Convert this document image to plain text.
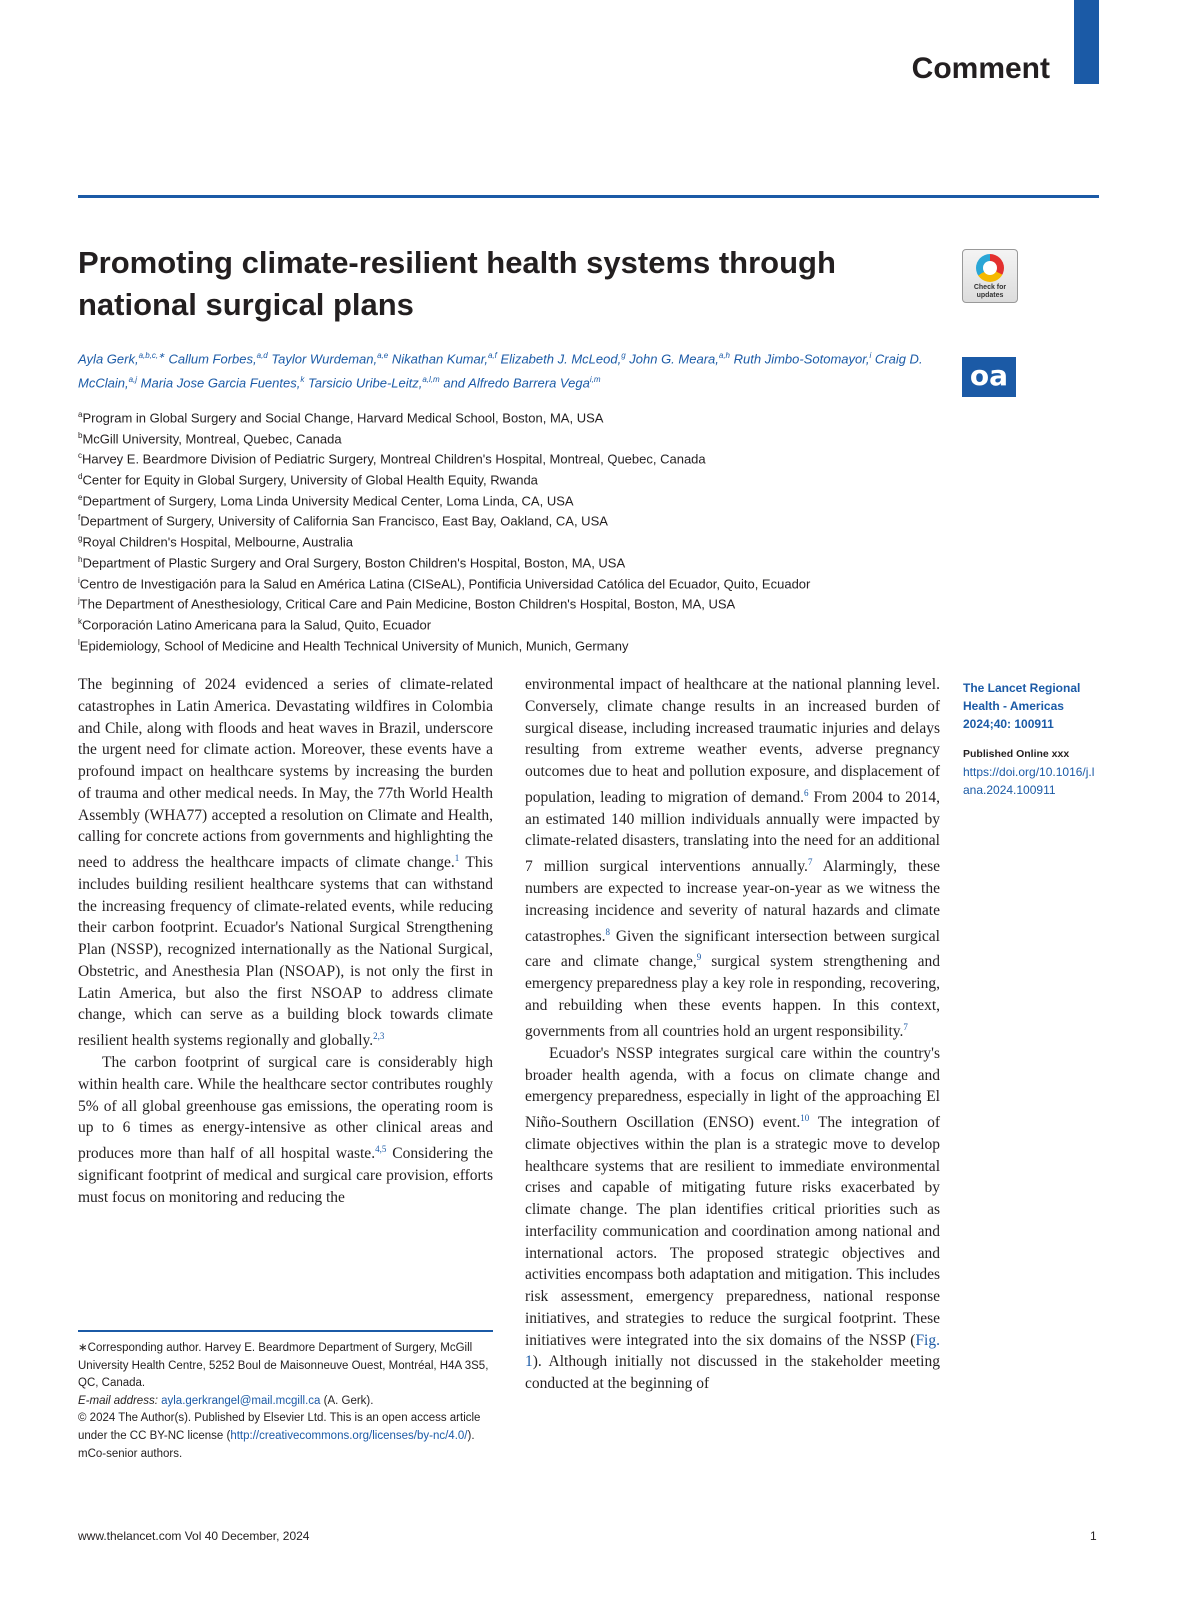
Comment
Promoting climate-resilient health systems through national surgical plans	Check for updates
oa
Ayla Gerk,$^{a,b,c,∗}$ Callum Forbes,$^{a,d}$ Taylor Wurdeman,$^{a,e}$ Nikathan Kumar,$^{a,f}$ Elizabeth J. McLeod,$^g$ John G. Meara,$^{a,h}$ Ruth Jimbo-Sotomayor,$^i$ Craig D. McClain,$^{a,j}$ Maria Jose Garcia Fuentes,$^k$ Tarsicio Uribe-Leitz,$^{a,l,m}$ and Alfredo Barrera Vega$^{i,m}$
$^a$Program in Global Surgery and Social Change, Harvard Medical School, Boston, MA, USA
$^b$McGill University, Montreal, Quebec, Canada
$^c$Harvey E. Beardmore Division of Pediatric Surgery, Montreal Children's Hospital, Montreal, Quebec, Canada
$^d$Center for Equity in Global Surgery, University of Global Health Equity, Rwanda
$^e$Department of Surgery, Loma Linda University Medical Center, Loma Linda, CA, USA
$^f$Department of Surgery, University of California San Francisco, East Bay, Oakland, CA, USA
$^g$Royal Children's Hospital, Melbourne, Australia
$^h$Department of Plastic Surgery and Oral Surgery, Boston Children's Hospital, Boston, MA, USA
$^i$Centro de Investigación para la Salud en América Latina (CISeAL), Pontificia Universidad Católica del Ecuador, Quito, Ecuador
$^j$The Department of Anesthesiology, Critical Care and Pain Medicine, Boston Children's Hospital, Boston, MA, USA
$^k$Corporación Latino Americana para la Salud, Quito, Ecuador
$^l$Epidemiology, School of Medicine and Health Technical University of Munich, Munich, Germany

The beginning of 2024 evidenced a series of climate-related catastrophes in Latin America. Devastating wildfires in Colombia and Chile, along with floods and heat waves in Brazil, underscore the urgent need for climate action. Moreover, these events have a profound impact on healthcare systems by increasing the burden of trauma and other medical needs. In May, the 77th World Health Assembly (WHA77) accepted a resolution on Climate and Health, calling for concrete actions from governments and highlighting the need to address the healthcare impacts of climate change.$^1$ This includes building resilient healthcare systems that can withstand the increasing frequency of climate-related events, while reducing their carbon footprint. Ecuador's National Surgical Strengthening Plan (NSSP), recognized internationally as the National Surgical, Obstetric, and Anesthesia Plan (NSOAP), is not only the first in Latin America, but also the first NSOAP to address climate change, which can serve as a building block towards climate resilient health systems regionally and globally.$^{2,3}$

The carbon footprint of surgical care is considerably high within health care. While the healthcare sector contributes roughly 5% of all global greenhouse gas emissions, the operating room is up to 6 times as energy-intensive as other clinical areas and produces more than half of all hospital waste.$^{4,5}$ Considering the significant footprint of medical and surgical care provision, efforts must focus on monitoring and reducing the

environmental impact of healthcare at the national planning level. Conversely, climate change results in an increased burden of surgical disease, including increased traumatic injuries and delays resulting from extreme weather events, adverse pregnancy outcomes due to heat and pollution exposure, and displacement of population, leading to migration of demand.$^6$ From 2004 to 2014, an estimated 140 million individuals annually were impacted by climate-related disasters, translating into the need for an additional 7 million surgical interventions annually.$^7$ Alarmingly, these numbers are expected to increase year-on-year as we witness the increasing incidence and severity of natural hazards and climate catastrophes.$^8$ Given the significant intersection between surgical care and climate change,$^9$ surgical system strengthening and emergency preparedness play a key role in responding, recovering, and rebuilding when these events happen. In this context, governments from all countries hold an urgent responsibility.$^7$

Ecuador's NSSP integrates surgical care within the country's broader health agenda, with a focus on climate change and emergency preparedness, especially in light of the approaching El Niño-Southern Oscillation (ENSO) event.$^{10}$ The integration of climate objectives within the plan is a strategic move to develop healthcare systems that are resilient to immediate environmental crises and capable of mitigating future risks exacerbated by climate change. The plan identifies critical priorities such as interfacility communication and coordination among national and international actors. The proposed strategic objectives and activities encompass both adaptation and mitigation. This includes risk assessment, emergency preparedness, national response initiatives, and strategies to reduce the surgical footprint. These initiatives were integrated into the six domains of the NSSP (Fig. 1). Although initially not discussed in the stakeholder meeting conducted at the beginning of

∗Corresponding author. Harvey E. Beardmore Department of Surgery, McGill University Health Centre, 5252 Boul de Maisonneuve Ouest, Montréal, H4A 3S5, QC, Canada.

E-mail address: ayla.gerkrangel@mail.mcgill.ca (A. Gerk).

© 2024 The Author(s). Published by Elsevier Ltd. This is an open access article under the CC BY-NC license (http://creativecommons.org/licenses/by-nc/4.0/).

mCo-senior authors.

The Lancet Regional Health - Americas 2024;40: 100911
Published Online xxx
https://doi.org/10.1016/j.lana.2024.100911
www.thelancet.com Vol 40 December, 2024	1
